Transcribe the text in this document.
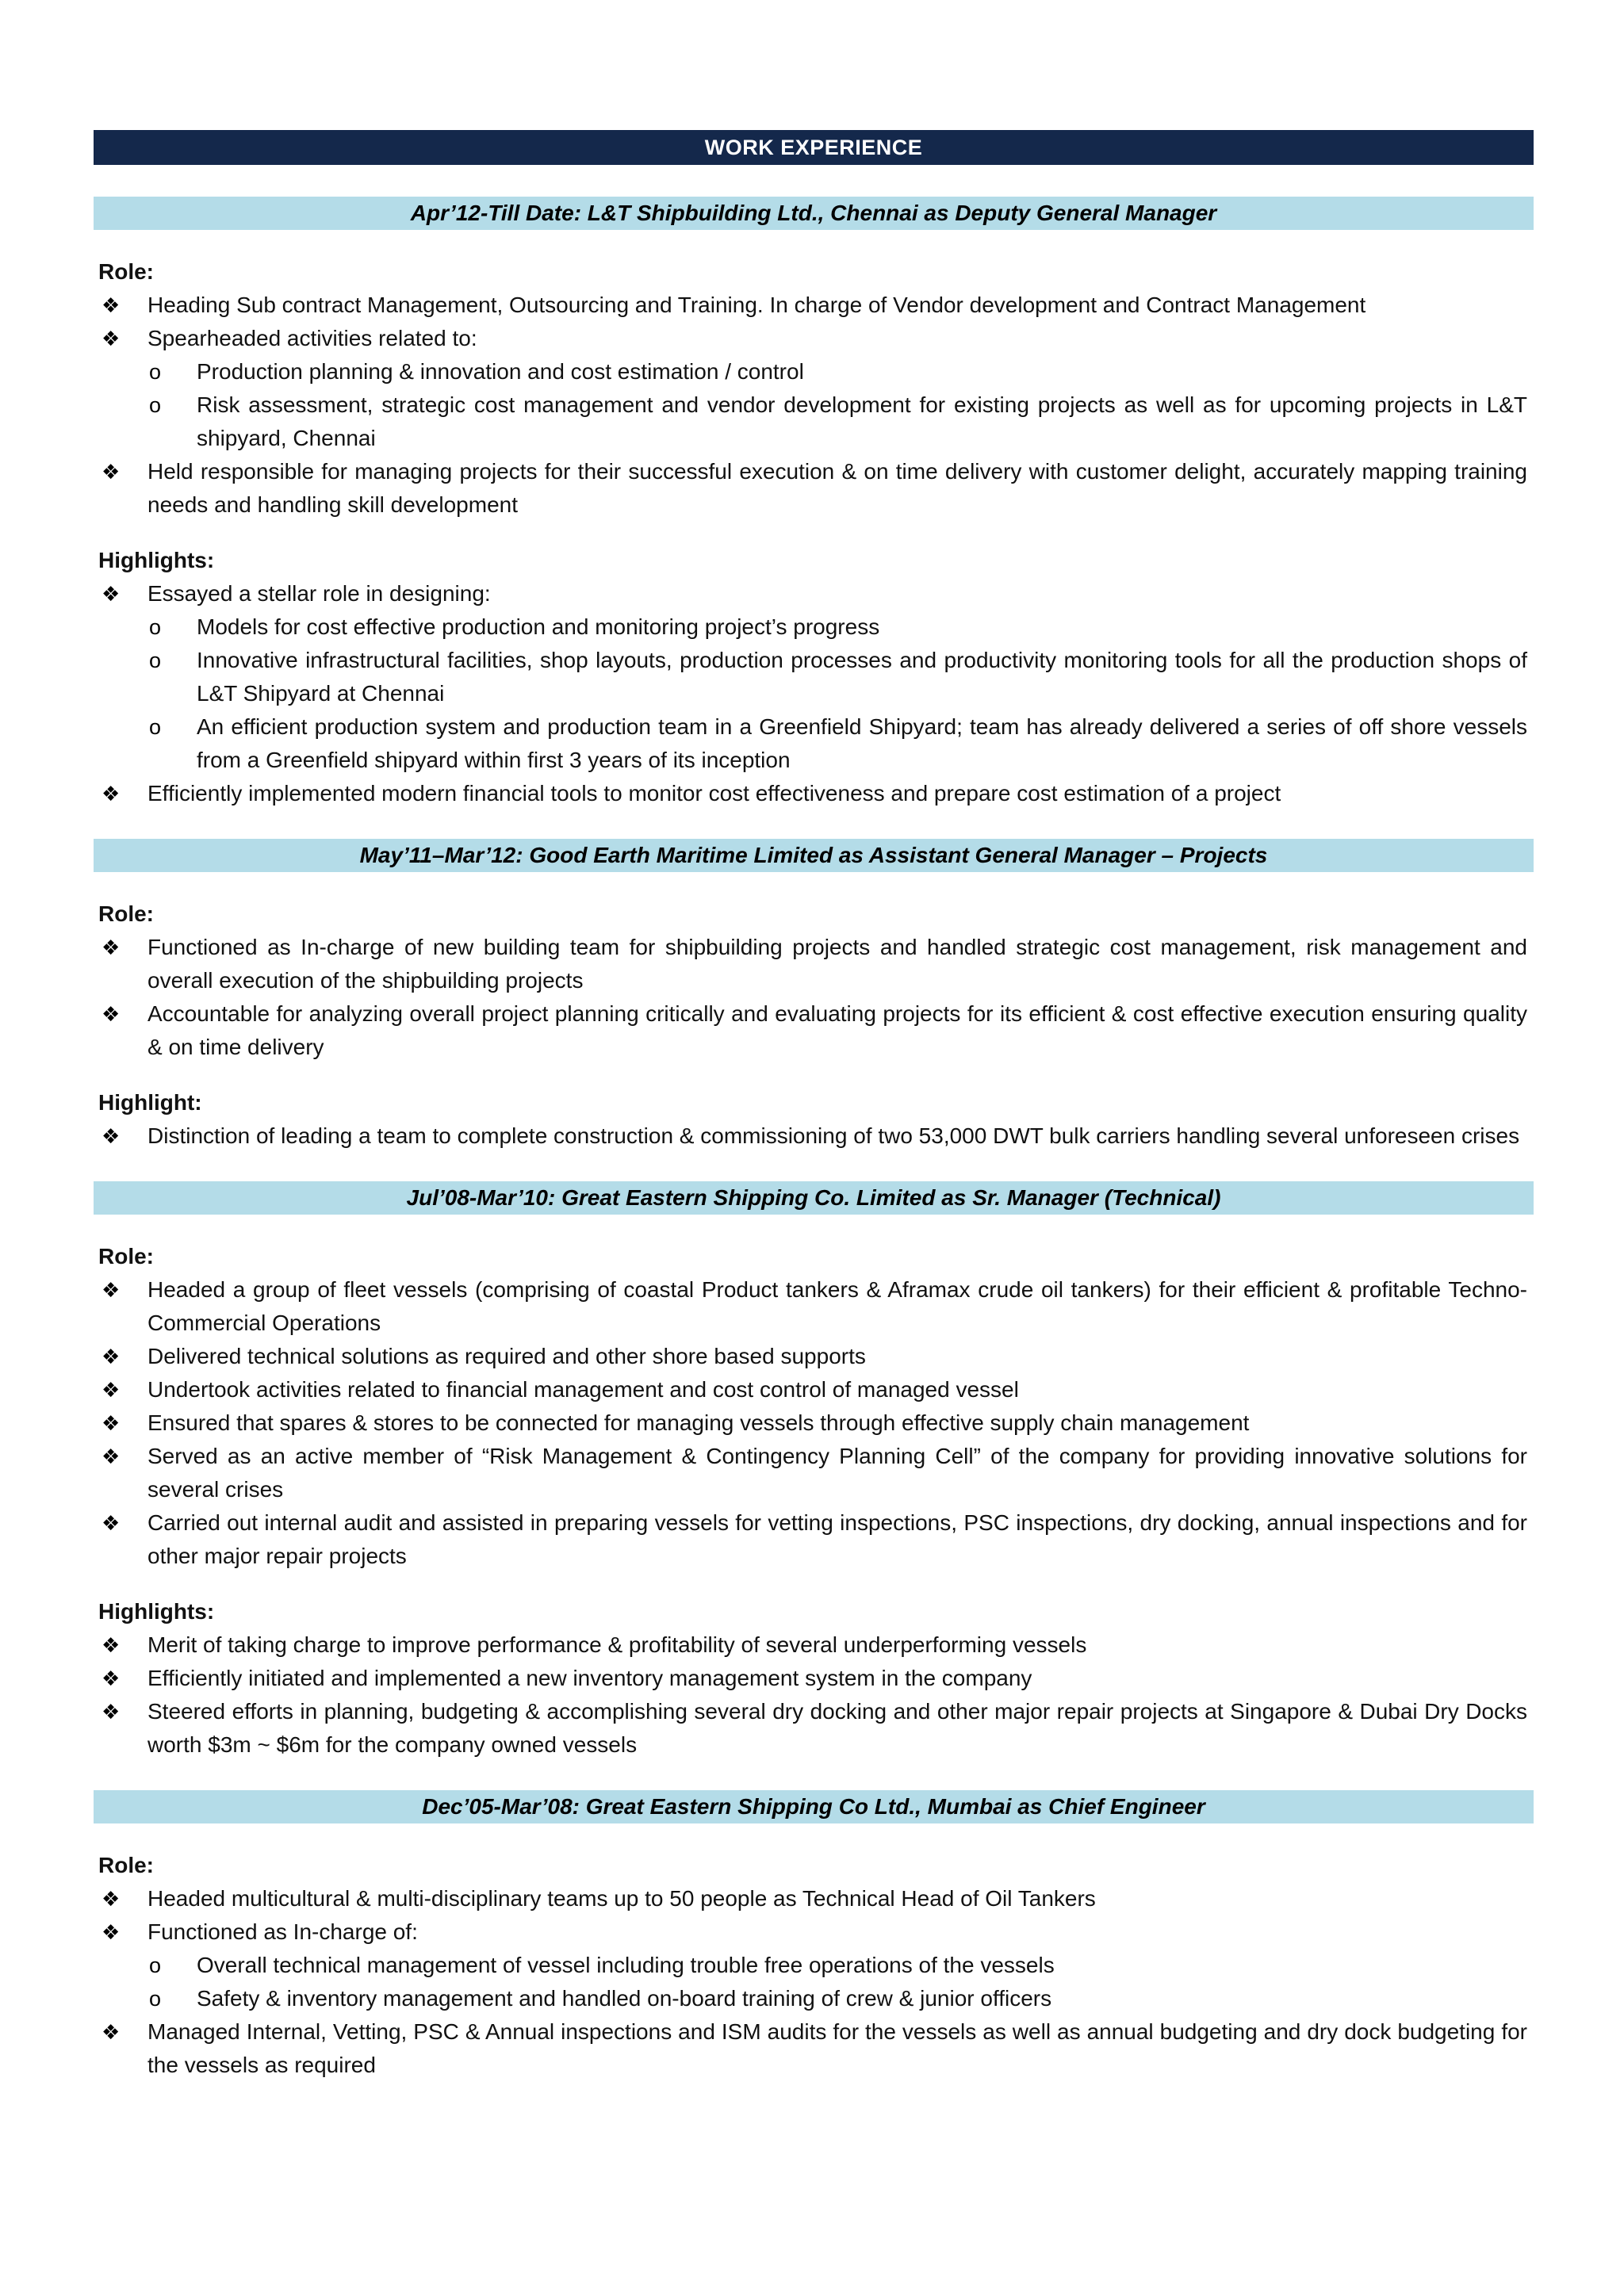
WORK EXPERIENCE
Apr’12-Till Date: L&T Shipbuilding Ltd., Chennai as Deputy General Manager
Role:
❖	Heading Sub contract Management, Outsourcing and Training. In charge of Vendor development and Contract Management
❖	Spearheaded activities related to:
o Production planning & innovation and cost estimation / control
o Risk assessment, strategic cost management and vendor development for existing projects as well as for upcoming projects in L&T shipyard, Chennai
❖	Held responsible for managing projects for their successful execution & on time delivery with customer delight, accurately mapping training needs and handling skill development
Highlights:
❖	Essayed a stellar role in designing:
o Models for cost effective production and monitoring project’s progress
o Innovative infrastructural facilities, shop layouts, production processes and productivity monitoring tools for all the production shops of L&T Shipyard at Chennai
o An efficient production system and production team in a Greenfield Shipyard; team has already delivered a series of off shore vessels from a Greenfield shipyard within first 3 years of its inception
❖	Efficiently implemented modern financial tools to monitor cost effectiveness and prepare cost estimation of a project
May’11–Mar’12: Good Earth Maritime Limited as Assistant General Manager – Projects
Role:
❖	Functioned as In-charge of new building team for shipbuilding projects and handled strategic cost management, risk management and overall execution of the shipbuilding projects
❖	Accountable for analyzing overall project planning critically and evaluating projects for its efficient & cost effective execution ensuring quality & on time delivery
Highlight:
❖	Distinction of leading a team to complete construction & commissioning of two 53,000 DWT bulk carriers handling several unforeseen crises
Jul’08-Mar’10: Great Eastern Shipping Co. Limited as Sr. Manager (Technical)
Role:
❖	Headed a group of fleet vessels (comprising of coastal Product tankers & Aframax crude oil tankers) for their efficient & profitable Techno-Commercial Operations
❖	Delivered technical solutions as required and other shore based supports
❖	Undertook activities related to financial management and cost control of managed vessel
❖	Ensured that spares & stores to be connected for managing vessels through effective supply chain management
❖	Served as an active member of “Risk Management & Contingency Planning Cell” of the company for providing innovative solutions for several crises
❖	Carried out internal audit and assisted in preparing vessels for vetting inspections, PSC inspections, dry docking, annual inspections and for other major repair projects
Highlights:
❖	Merit of taking charge to improve performance & profitability of several underperforming vessels
❖	Efficiently initiated and implemented a new inventory management system in the company
❖	Steered efforts in planning, budgeting & accomplishing several dry docking and other major repair projects at Singapore & Dubai Dry Docks worth $3m ~ $6m for the company owned vessels
Dec’05-Mar’08: Great Eastern Shipping Co Ltd., Mumbai as Chief Engineer
Role:
❖	Headed multicultural & multi-disciplinary teams up to 50 people as Technical Head of Oil Tankers
❖	Functioned as In-charge of:
o Overall technical management of vessel including trouble free operations of the vessels
o Safety & inventory management and handled on-board training of crew & junior officers
❖	Managed Internal, Vetting, PSC & Annual inspections and ISM audits for the vessels as well as annual budgeting and dry dock budgeting for the vessels as required
